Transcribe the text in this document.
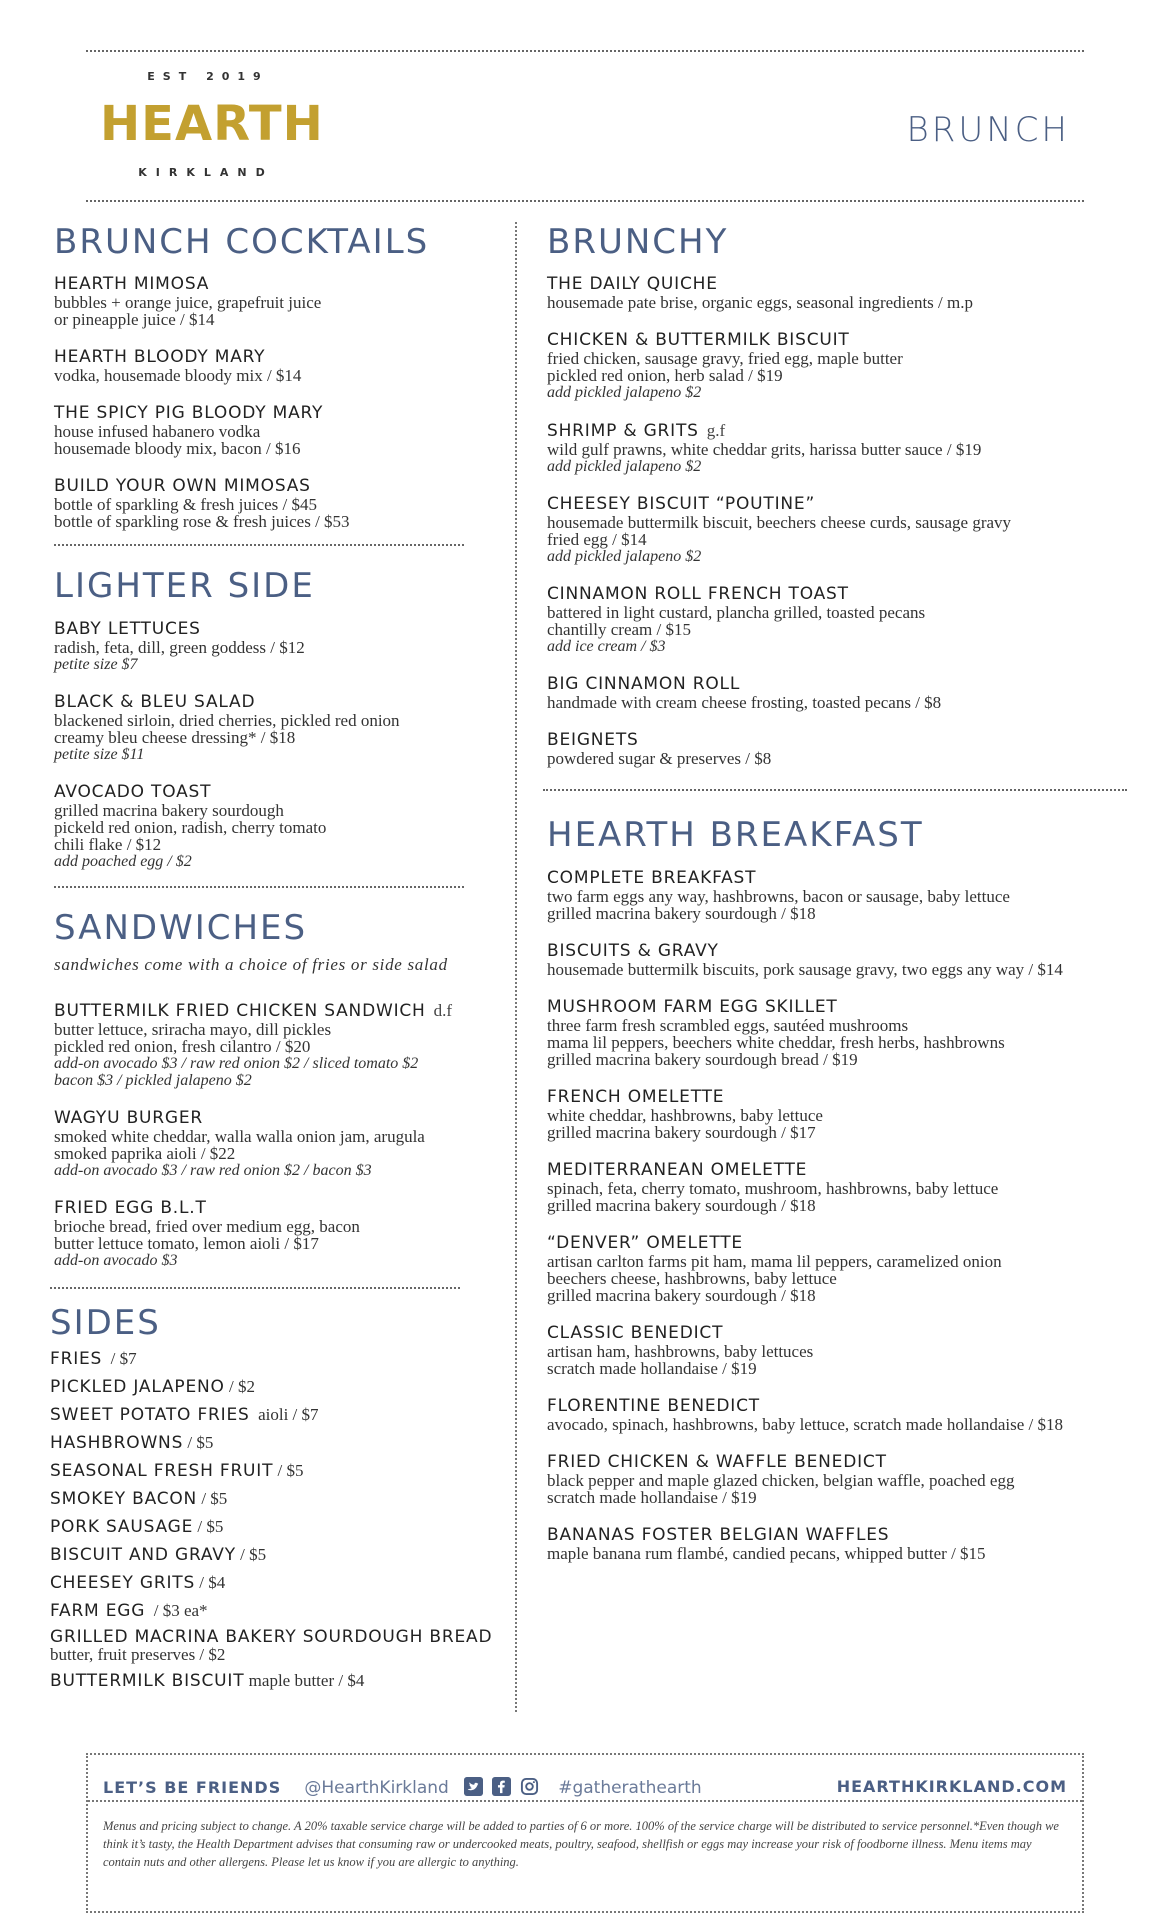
EST 2019
HEARTH
KIRKLAND
BRUNCH
BRUNCH COCKTAILS
HEARTH MIMOSA
bubbles + orange juice, grapefruit juice
or pineapple juice / $14
HEARTH BLOODY MARY
vodka, housemade bloody mix / $14
THE SPICY PIG BLOODY MARY
house infused habanero vodka
housemade bloody mix, bacon / $16
BUILD YOUR OWN MIMOSAS
bottle of sparkling & fresh juices / $45
bottle of sparkling rose & fresh juices / $53
LIGHTER SIDE
BABY LETTUCES
radish, feta, dill, green goddess / $12
petite size $7
BLACK & BLEU SALAD
blackened sirloin, dried cherries, pickled red onion
creamy bleu cheese dressing* / $18
petite size $11
AVOCADO TOAST
grilled macrina bakery sourdough
pickeld red onion, radish, cherry tomato
chili flake / $12
add poached egg / $2
SANDWICHES
sandwiches come with a choice of fries or side salad
BUTTERMILK FRIED CHICKEN SANDWICH d.f
butter lettuce, sriracha mayo, dill pickles
pickled red onion, fresh cilantro / $20
add-on avocado $3 / raw red onion $2 / sliced tomato $2
bacon $3 / pickled jalapeno $2
WAGYU BURGER
smoked white cheddar, walla walla onion jam, arugula
smoked paprika aioli / $22
add-on avocado $3 / raw red onion $2 / bacon $3
FRIED EGG B.L.T
brioche bread, fried over medium egg, bacon
butter lettuce tomato, lemon aioli / $17
add-on avocado $3
SIDES
FRIES  / $7
PICKLED JALAPENO / $2
SWEET POTATO FRIES  aioli / $7
HASHBROWNS / $5
SEASONAL FRESH FRUIT / $5
SMOKEY BACON / $5
PORK SAUSAGE / $5
BISCUIT AND GRAVY / $5
CHEESEY GRITS / $4
FARM EGG  / $3 ea*
GRILLED MACRINA BAKERY SOURDOUGH BREAD
butter, fruit preserves / $2
BUTTERMILK BISCUIT maple butter / $4
BRUNCHY
THE DAILY QUICHE
housemade pate brise, organic eggs, seasonal ingredients / m.p
CHICKEN & BUTTERMILK BISCUIT
fried chicken, sausage gravy, fried egg, maple butter
pickled red onion, herb salad / $19
add pickled jalapeno $2
SHRIMP & GRITS g.f
wild gulf prawns, white cheddar grits, harissa butter sauce / $19
add pickled jalapeno $2
CHEESEY BISCUIT “POUTINE”
housemade buttermilk biscuit, beechers cheese curds, sausage gravy
fried egg / $14
add pickled jalapeno $2
CINNAMON ROLL FRENCH TOAST
battered in light custard, plancha grilled, toasted pecans
chantilly cream / $15
add ice cream / $3
BIG CINNAMON ROLL
handmade with cream cheese frosting, toasted pecans / $8
BEIGNETS
powdered sugar & preserves / $8
HEARTH BREAKFAST
COMPLETE BREAKFAST
two farm eggs any way, hashbrowns, bacon or sausage, baby lettuce
grilled macrina bakery sourdough / $18
BISCUITS & GRAVY
housemade buttermilk biscuits, pork sausage gravy, two eggs any way / $14
MUSHROOM FARM EGG SKILLET
three farm fresh scrambled eggs, sautéed mushrooms
mama lil peppers, beechers white cheddar, fresh herbs, hashbrowns
grilled macrina bakery sourdough bread / $19
FRENCH OMELETTE
white cheddar, hashbrowns, baby lettuce
grilled macrina bakery sourdough / $17
MEDITERRANEAN OMELETTE
spinach, feta, cherry tomato, mushroom, hashbrowns, baby lettuce
grilled macrina bakery sourdough / $18
“DENVER” OMELETTE
artisan carlton farms pit ham, mama lil peppers, caramelized onion
beechers cheese, hashbrowns, baby lettuce
grilled macrina bakery sourdough / $18
CLASSIC BENEDICT
artisan ham, hashbrowns, baby lettuces
scratch made hollandaise / $19
FLORENTINE BENEDICT
avocado, spinach, hashbrowns, baby lettuce, scratch made hollandaise / $18
FRIED CHICKEN & WAFFLE BENEDICT
black pepper and maple glazed chicken, belgian waffle, poached egg
scratch made hollandaise / $19
BANANAS FOSTER BELGIAN WAFFLES
maple banana rum flambé, candied pecans, whipped butter / $15
LET’S BE FRIENDS @HearthKirkland	#gatherathearth	HEARTHKIRKLAND.COM
Menus and pricing subject to change. A 20% taxable service charge will be added to parties of 6 or more. 100% of the service charge will be distributed to service personnel.*Even though we think it’s tasty, the Health Department advises that consuming raw or undercooked meats, poultry, seafood, shellfish or eggs may increase your risk of foodborne illness. Menu items may contain nuts and other allergens. Please let us know if you are allergic to anything.
